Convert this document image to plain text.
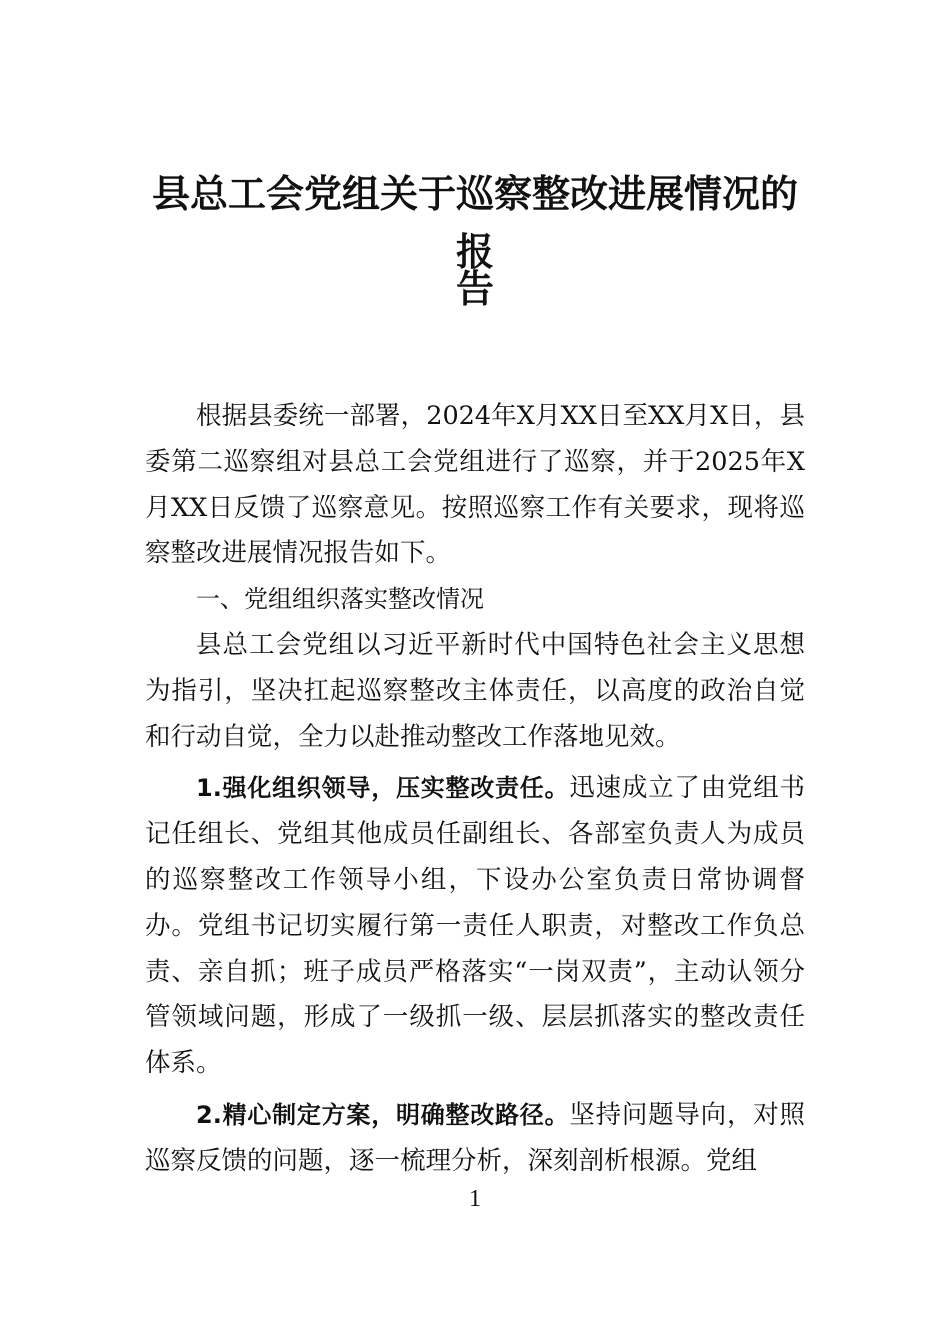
县总工会党组关于巡察整改进展情况的报
告

根据县委统一部署，2024年X月XX日至XX月X日，县委第二巡察组对县总工会党组进行了巡察，并于2025年X月XX日反馈了巡察意见。按照巡察工作有关要求，现将巡察整改进展情况报告如下。

一、党组组织落实整改情况

县总工会党组以习近平新时代中国特色社会主义思想为指引，坚决扛起巡察整改主体责任，以高度的政治自觉和行动自觉，全力以赴推动整改工作落地见效。

1.强化组织领导，压实整改责任。迅速成立了由党组书记任组长、党组其他成员任副组长、各部室负责人为成员的巡察整改工作领导小组，下设办公室负责日常协调督办。党组书记切实履行第一责任人职责，对整改工作负总责、亲自抓；班子成员严格落实“一岗双责”，主动认领分管领域问题，形成了一级抓一级、层层抓落实的整改责任体系。

2.精心制定方案，明确整改路径。坚持问题导向，对照巡察反馈的问题，逐一梳理分析，深刻剖析根源。党组

1
